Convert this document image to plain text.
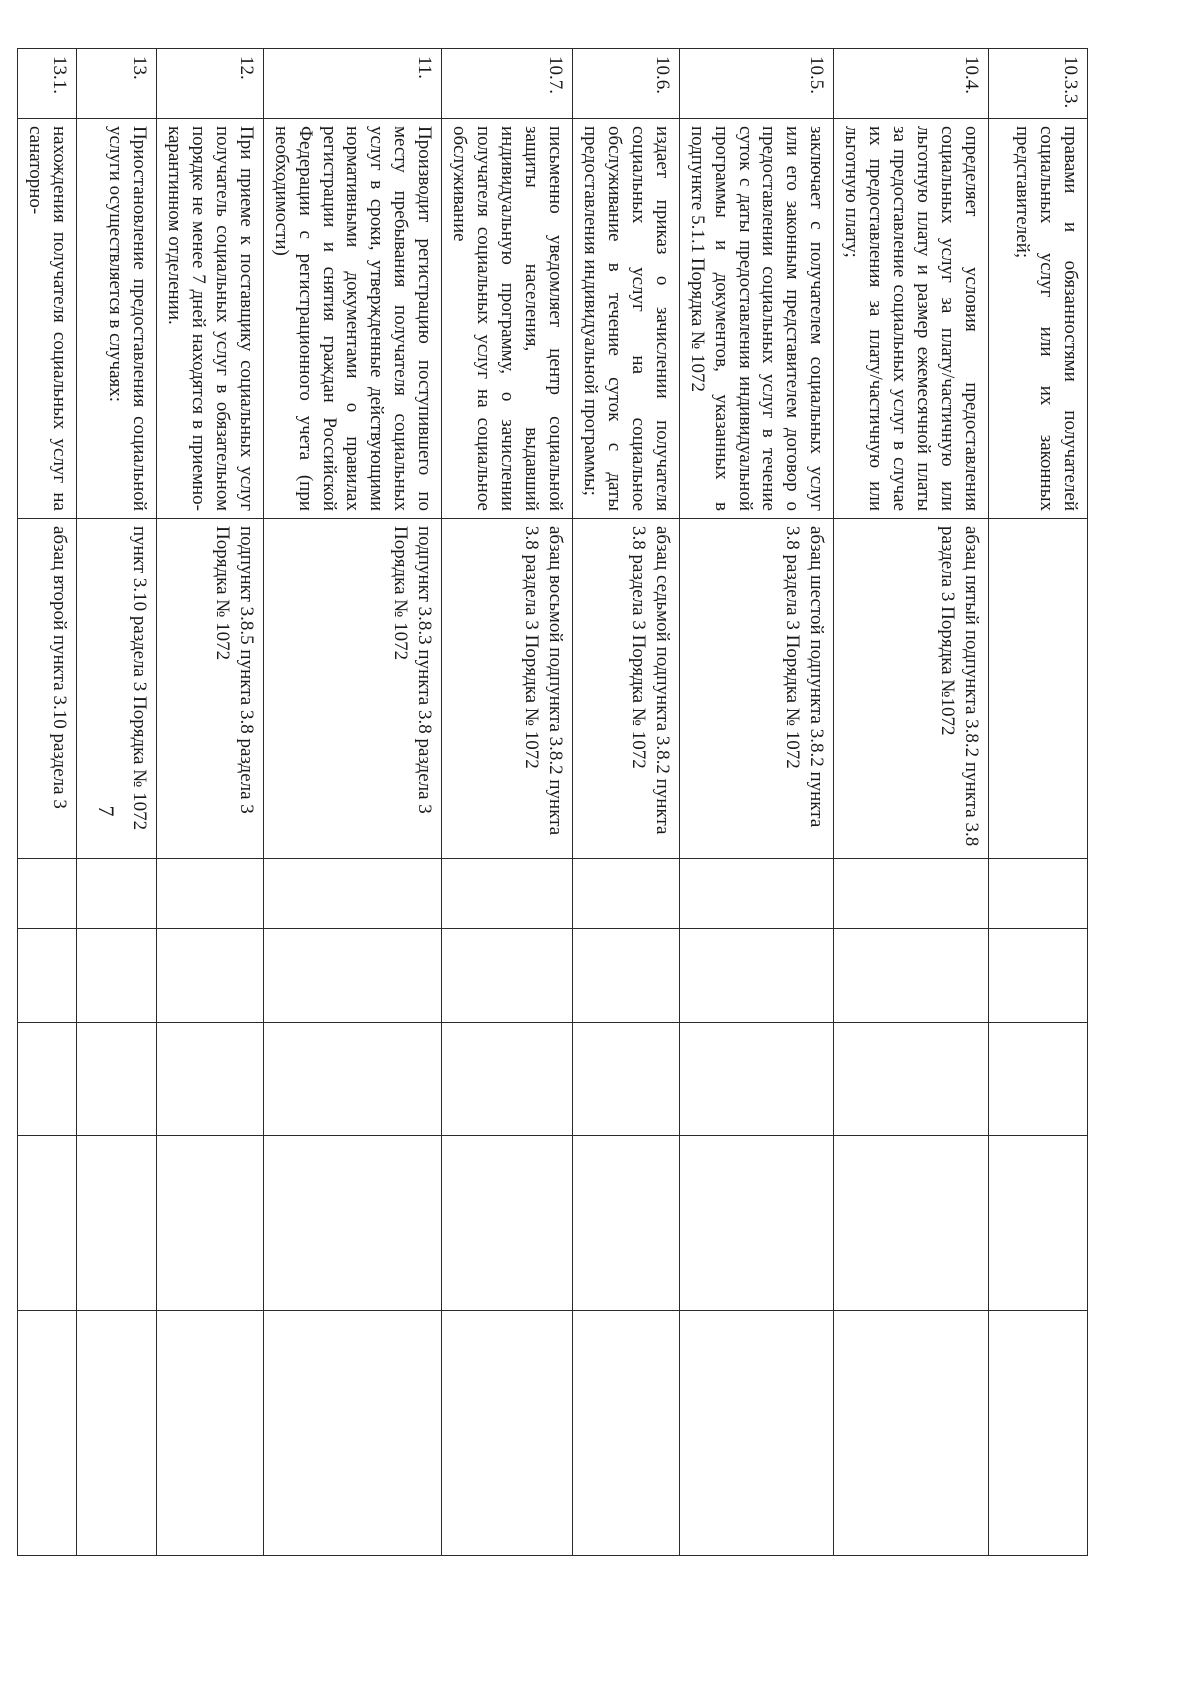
7
10.3.3.	правами и обязанностями получателей социальных услуг или их законных представителей;						
10.4.	определяет условия предоставления социальных услуг за плату/частичную или льготную плату и размер ежемесячной платы за предоставление социальных услуг в случае их предоставления за плату/частичную или льготную плату;	абзац пятый подпункта 3.8.2 пункта 3.8 раздела 3 Порядка №1072					
10.5.	заключает с получателем социальных услуг или его законным представителем договор о предоставлении социальных услуг в течение суток с даты предоставления индивидуальной программы и документов, указанных в подпункте 5.1.1 Порядка № 1072	абзац шестой подпункта 3.8.2 пункта 3.8 раздела 3 Порядка № 1072					
10.6.	издает приказ о зачислении получателя социальных услуг на социальное обслуживание в течение суток с даты предоставления индивидуальной программы;	абзац седьмой подпункта 3.8.2 пункта 3.8 раздела 3 Порядка № 1072					
10.7.	письменно уведомляет центр социальной защиты населения, выдавший индивидуальную программу, о зачислении получателя социальных услуг на социальное обслуживание	абзац восьмой подпункта 3.8.2 пункта 3.8 раздела 3 Порядка № 1072					
11.	Производит регистрацию поступившего по месту пребывания получателя социальных услуг в сроки, утвержденные действующими нормативными документами о правилах регистрации и снятия граждан Российской Федерации с регистрационного учета (при необходимости)	подпункт 3.8.3 пункта 3.8 раздела 3 Порядка № 1072					
12.	При приеме к поставщику социальных услуг получатель социальных услуг в обязательном порядке не менее 7 дней находятся в приемно-карантинном отделении.	подпункт 3.8.5 пункта 3.8 раздела 3 Порядка № 1072					
13.	Приостановление предоставления социальной услуги осуществляется в случаях:	пункт 3.10 раздела 3 Порядка № 1072					
13.1.	нахождения получателя социальных услуг на санаторно-	абзац второй пункта 3.10 раздела 3					
